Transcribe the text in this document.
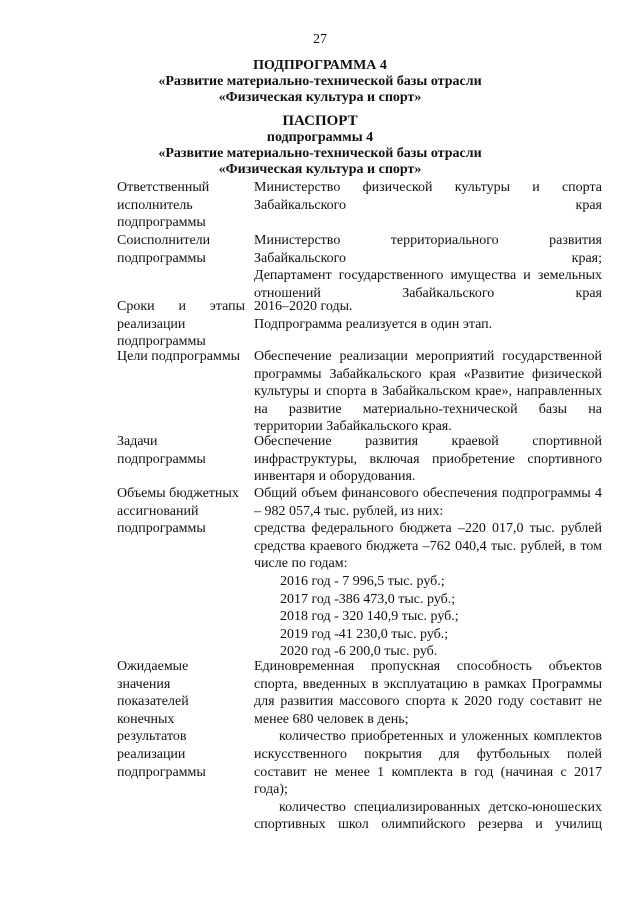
27
ПОДПРОГРАММА 4
«Развитие материально-технической базы отрасли
«Физическая культура и спорт»
ПАСПОРТ
подпрограммы 4
«Развитие материально-технической базы отрасли
«Физическая культура и спорт»
Ответственный исполнитель подпрограммы
Министерство физической культуры и спорта Забайкальского края
Соисполнители подпрограммы
Министерство территориального развития Забайкальского края;
Департамент государственного имущества и земельных отношений Забайкальского края
Сроки и этапы реализации подпрограммы
2016–2020 годы.
Подпрограмма реализуется в один этап.
Цели подпрограммы Обеспечение реализации мероприятий государственной программы Забайкальского края «Развитие физической культуры и спорта в Забайкальском крае», направленных на развитие материально-технической базы на территории Забайкальского края.
Задачи подпрограммы
Обеспечение развития краевой спортивной инфраструктуры, включая приобретение спортивного инвентаря и оборудования.
Объемы бюджетных ассигнований подпрограммы
Общий объем финансового обеспечения подпрограммы 4 – 982 057,4 тыс. рублей, из них:
средства федерального бюджета –220 017,0 тыс. рублей
средства краевого бюджета –762 040,4 тыс. рублей, в том числе по годам:
2016 год - 7 996,5 тыс. руб.;
2017 год -386 473,0 тыс. руб.;
2018 год - 320 140,9 тыс. руб.;
2019 год -41 230,0 тыс. руб.;
2020 год -6 200,0 тыс. руб.
Ожидаемые значения показателей конечных результатов реализации подпрограммы
Единовременная пропускная способность объектов спорта, введенных в эксплуатацию в рамках Программы для развития массового спорта к 2020 году составит не менее 680 человек в день;
количество приобретенных и уложенных комплектов искусственного покрытия для футбольных полей составит не менее 1 комплекта в год (начиная с 2017 года);
количество специализированных детско-юношеских спортивных школ олимпийского резерва и училищ
